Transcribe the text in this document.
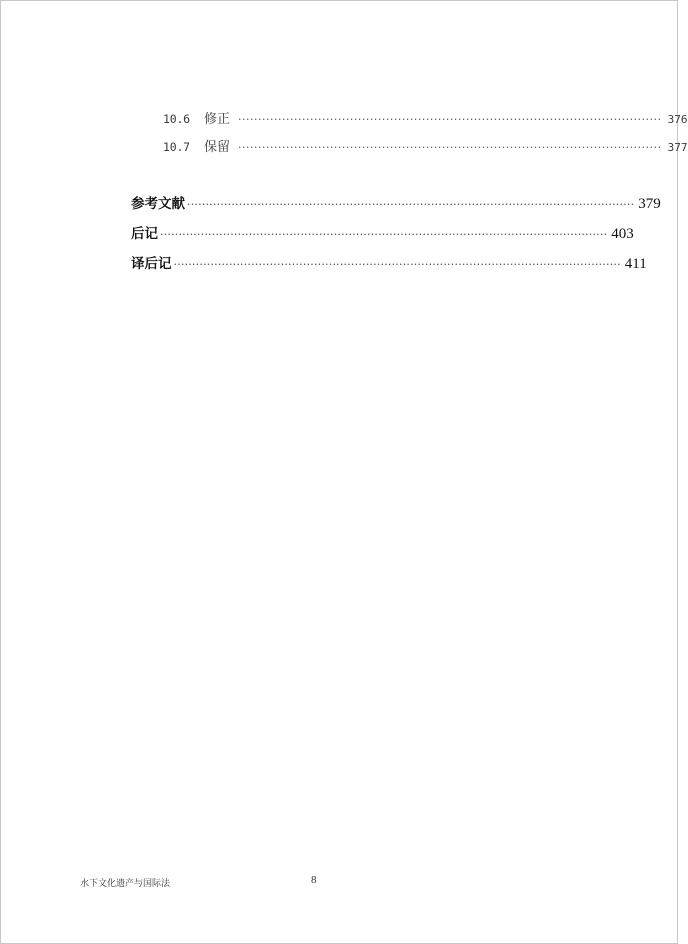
10.6	修正 ·········································································································· 376
10.7	保留 ·········································································································· 377
参考文献 ························································································································· 379
后记 ························································································································· 403
译后记 ························································································································· 411
水下文化遗产与国际法	8
